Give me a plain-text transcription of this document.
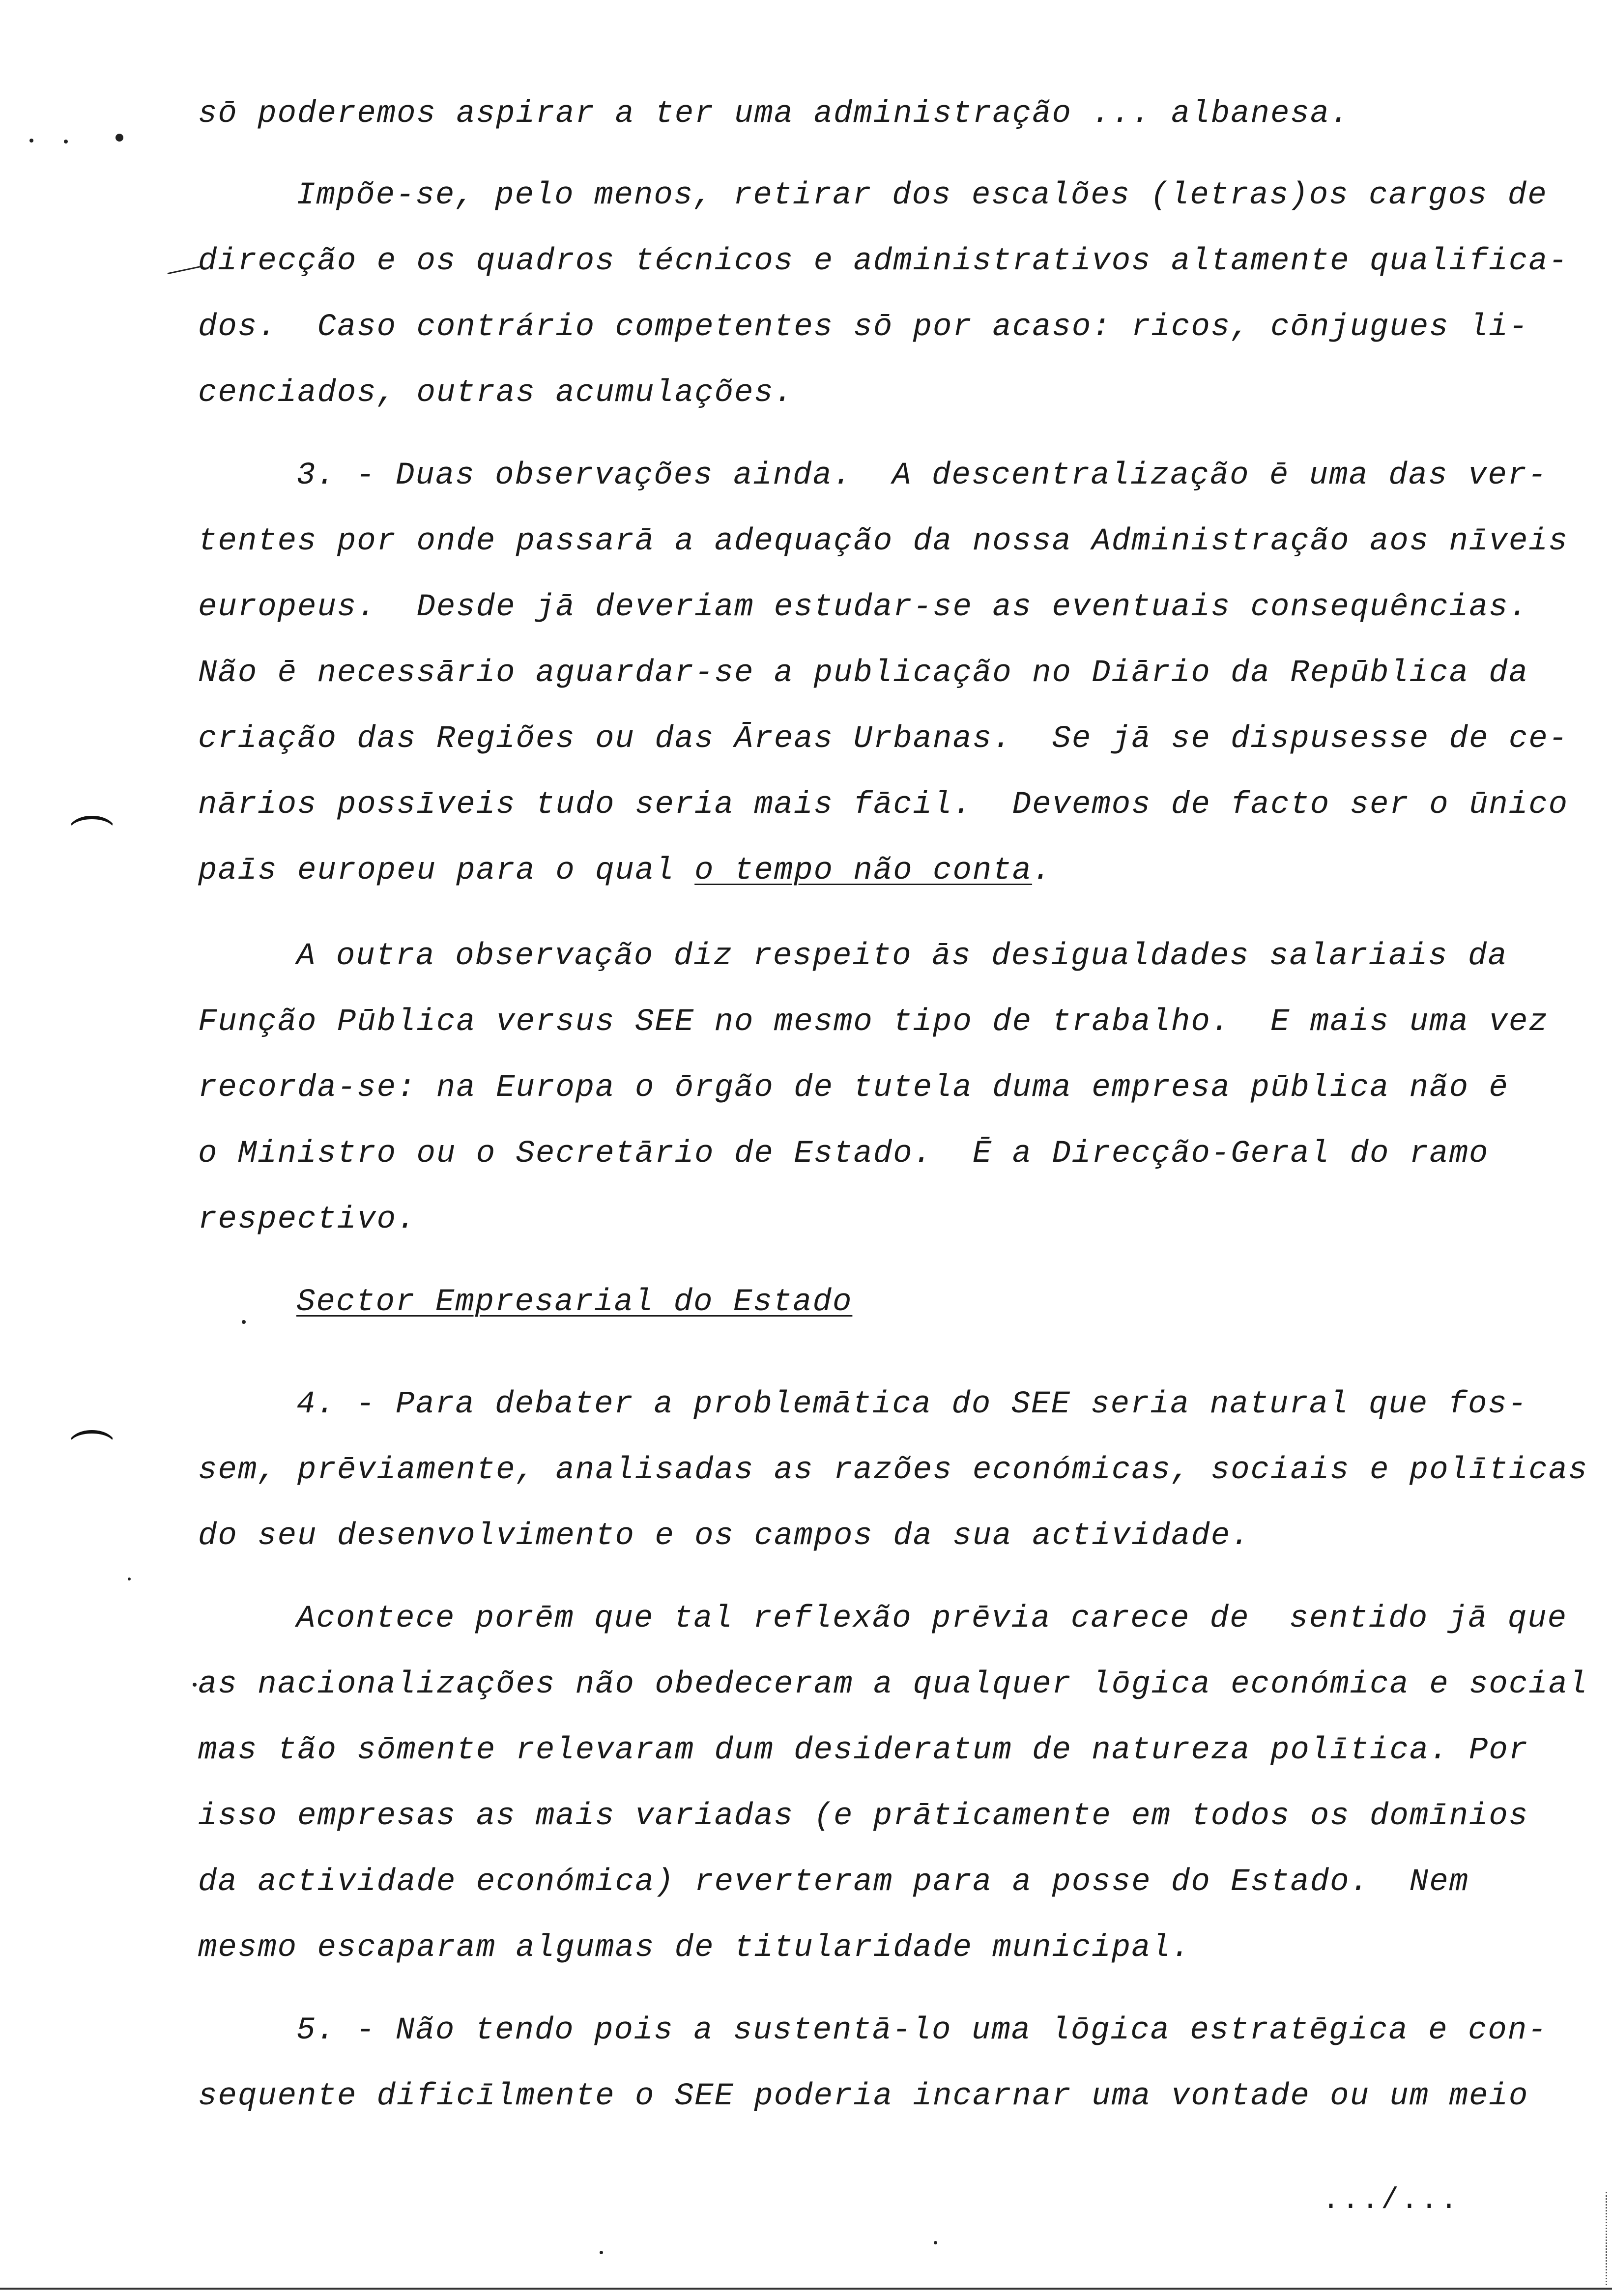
sō poderemos aspirar a ter uma administração ... albanesa.
Impõe-se, pelo menos, retirar dos escalões (letras)os cargos de
direcção e os quadros técnicos e administrativos altamente qualifica-
dos.  Caso contrário competentes sō por acaso: ricos, cōnjugues li-
cenciados, outras acumulações.
3. - Duas observações ainda.  A descentralização ē uma das ver-
tentes por onde passarā a adequação da nossa Administração aos nīveis
europeus.  Desde jā deveriam estudar-se as eventuais consequências.
Não ē necessārio aguardar-se a publicação no Diārio da Repūblica da
criação das Regiões ou das Āreas Urbanas.  Se jā se dispusesse de ce-
nārios possīveis tudo seria mais fācil.  Devemos de facto ser o ūnico
paīs europeu para o qual o tempo não conta.
A outra observação diz respeito ās desigualdades salariais da
Função Pūblica versus SEE no mesmo tipo de trabalho.  E mais uma vez
recorda-se: na Europa o ōrgão de tutela duma empresa pūblica não ē
o Ministro ou o Secretārio de Estado.  Ē a Direcção-Geral do ramo
respectivo.
Sector Empresarial do Estado
4. - Para debater a problemātica do SEE seria natural que fos-
sem, prēviamente, analisadas as razões económicas, sociais e polīticas
do seu desenvolvimento e os campos da sua actividade.
Acontece porēm que tal reflexão prēvia carece de  sentido jā que
as nacionalizações não obedeceram a qualquer lōgica económica e social
mas tão sōmente relevaram dum desideratum de natureza polītica. Por
isso empresas as mais variadas (e prāticamente em todos os domīnios
da actividade económica) reverteram para a posse do Estado.  Nem
mesmo escaparam algumas de titularidade municipal.
5. - Não tendo pois a sustentā-lo uma lōgica estratēgica e con-
sequente dificīlmente o SEE poderia incarnar uma vontade ou um meio
.../...
